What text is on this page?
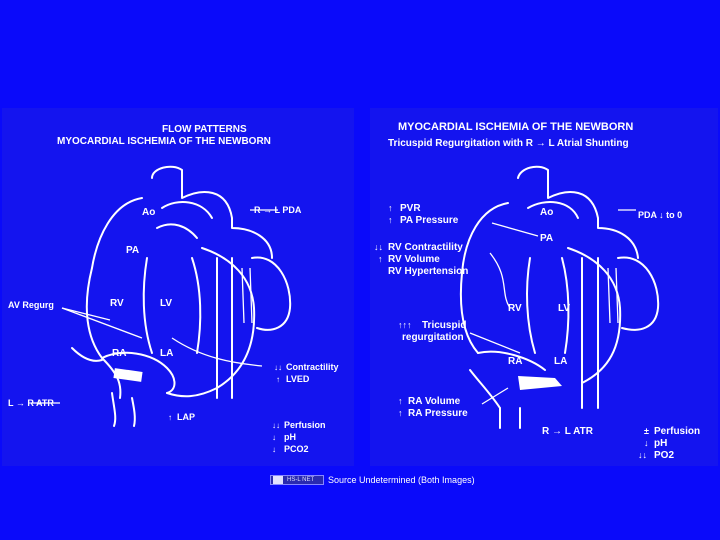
FLOW PATTERNS
MYOCARDIAL ISCHEMIA OF THE NEWBORN
Ao	R → L PDA
PA
AV Regurg	RV	LV
RA	LA
Contractility
LVED
L → R ATR
LAP
Perfusion
pH
PCO2
↓↓
↓
↓
↓↓
↑
↑
MYOCARDIAL ISCHEMIA OF THE NEWBORN
Tricuspid Regurgitation with R → L Atrial Shunting
PVR
PA Pressure
↑
↑
Ao	PDA ↓ to 0
PA
RV Contractility
RV Volume
RV Hypertension
↓↓
↑
RV	LV
Tricuspid
regurgitation
↑↑↑
RA	LA
RA Volume
RA Pressure
↑
↑
R → L ATR	Perfusion
pH
PO2
±
↓
↓↓
HS-L NET Source Undetermined (Both Images)
